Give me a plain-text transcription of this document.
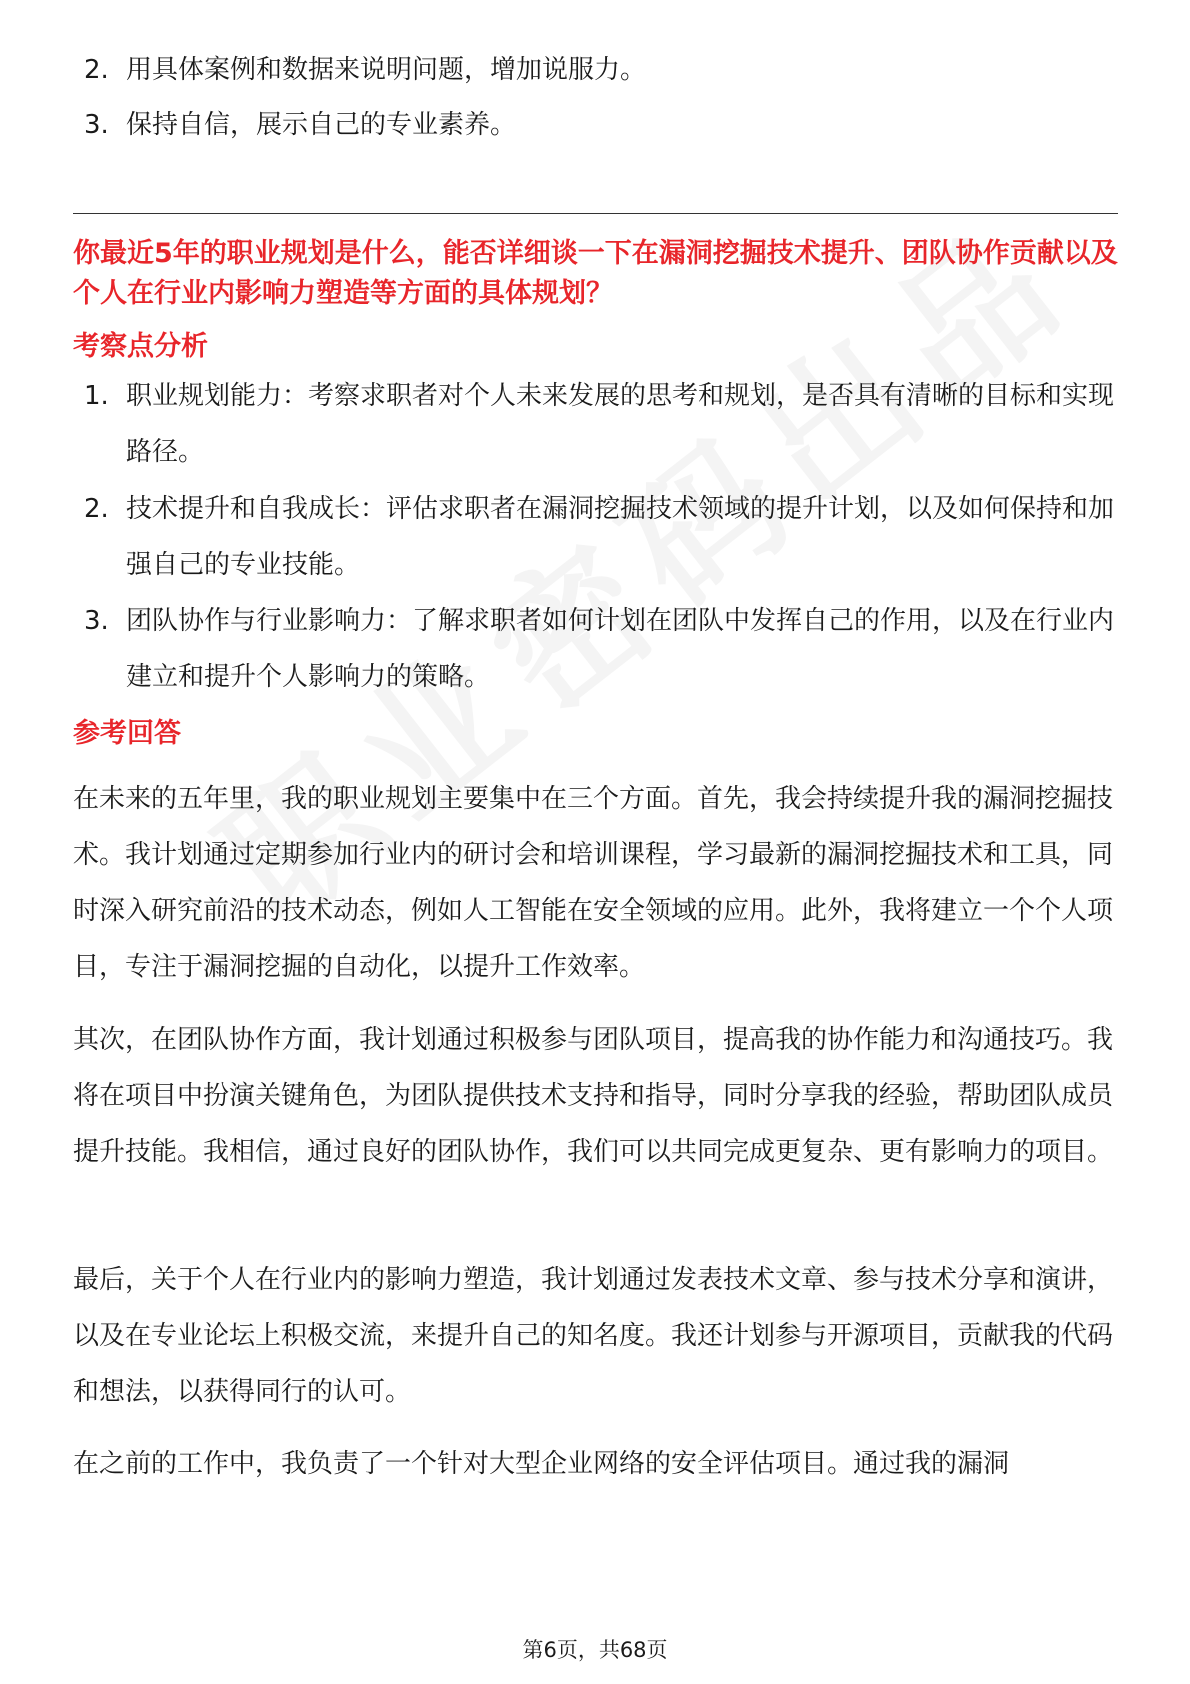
2. 用具体案例和数据来说明问题，增加说服力。
3. 保持自信，展示自己的专业素养。
你最近5年的职业规划是什么，能否详细谈一下在漏洞挖掘技术提升、团队协作贡献以及个人在行业内影响力塑造等方面的具体规划？
考察点分析
1. 职业规划能力：考察求职者对个人未来发展的思考和规划，是否具有清晰的目标和实现路径。
2. 技术提升和自我成长：评估求职者在漏洞挖掘技术领域的提升计划，以及如何保持和加强自己的专业技能。
3. 团队协作与行业影响力：了解求职者如何计划在团队中发挥自己的作用，以及在行业内建立和提升个人影响力的策略。
参考回答
在未来的五年里，我的职业规划主要集中在三个方面。首先，我会持续提升我的漏洞挖掘技术。我计划通过定期参加行业内的研讨会和培训课程，学习最新的漏洞挖掘技术和工具，同时深入研究前沿的技术动态，例如人工智能在安全领域的应用。此外，我将建立一个个人项目，专注于漏洞挖掘的自动化，以提升工作效率。
其次，在团队协作方面，我计划通过积极参与团队项目，提高我的协作能力和沟通技巧。我将在项目中扮演关键角色，为团队提供技术支持和指导，同时分享我的经验，帮助团队成员提升技能。我相信，通过良好的团队协作，我们可以共同完成更复杂、更有影响力的项目。
最后，关于个人在行业内的影响力塑造，我计划通过发表技术文章、参与技术分享和演讲，以及在专业论坛上积极交流，来提升自己的知名度。我还计划参与开源项目，贡献我的代码和想法，以获得同行的认可。
在之前的工作中，我负责了一个针对大型企业网络的安全评估项目。通过我的漏洞
第6页，共68页
